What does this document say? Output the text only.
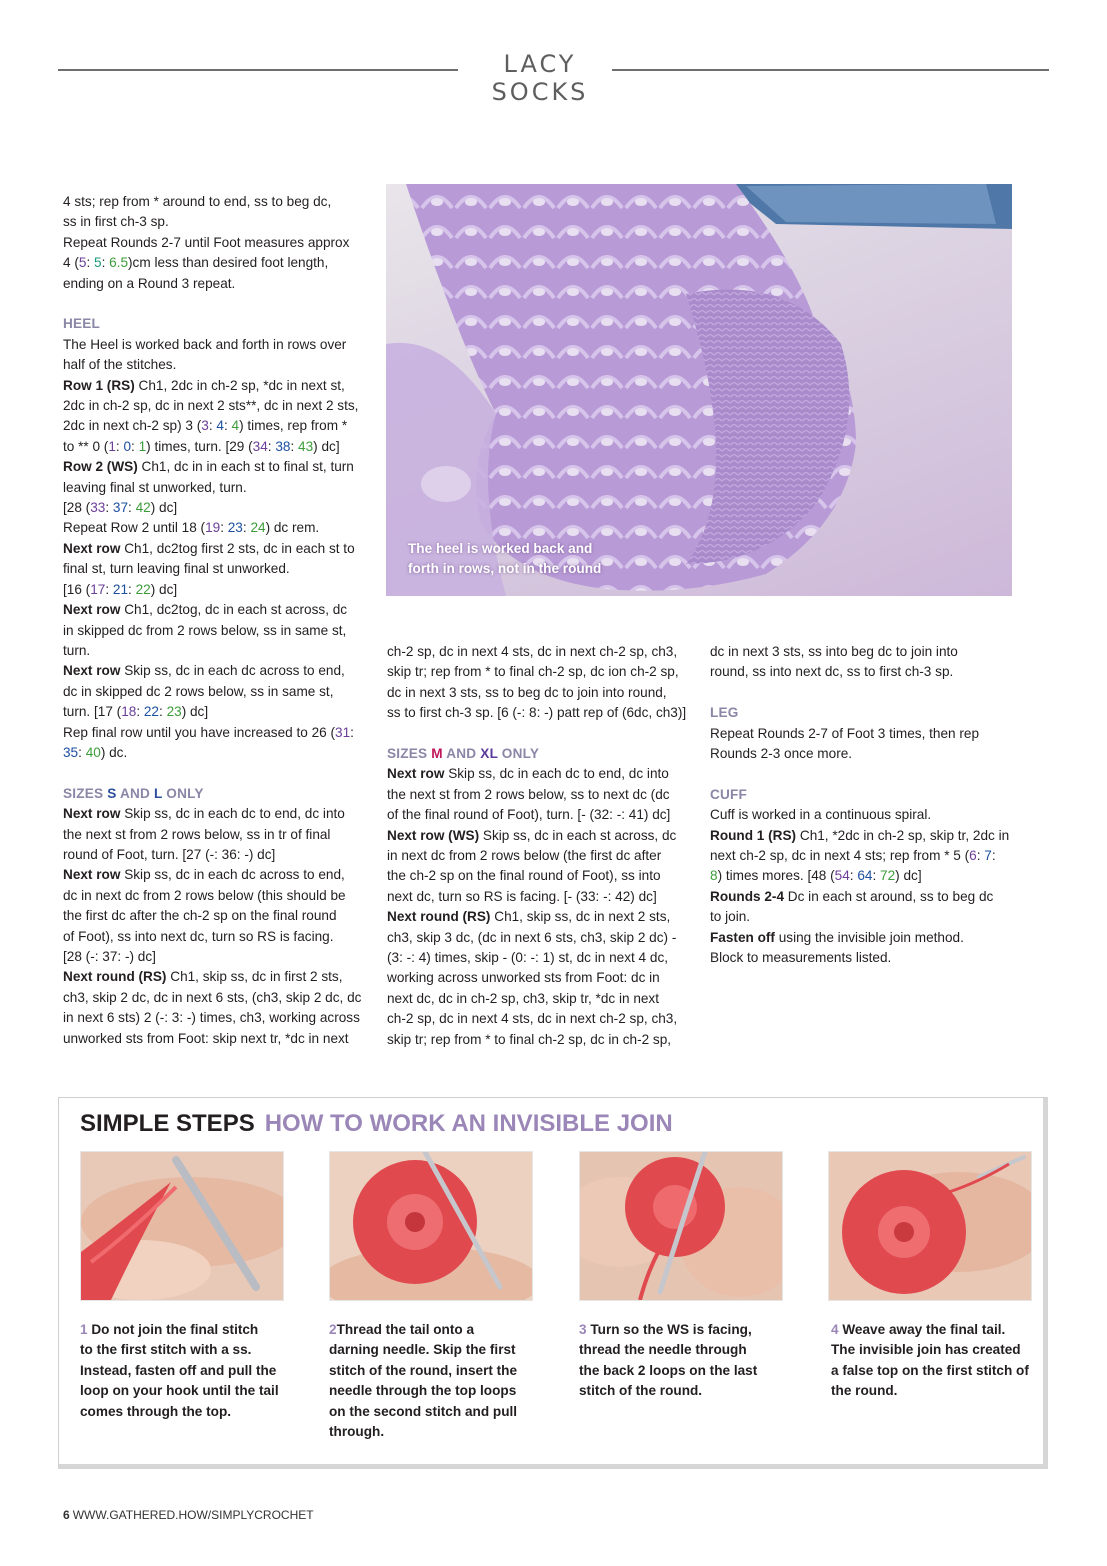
LACY SOCKS

4 sts; rep from * around to end, ss to beg dc,

ss in first ch-3 sp.

Repeat Rounds 2-7 until Foot measures approx

4 (5: 5: 6.5)cm less than desired foot length,

ending on a Round 3 repeat.

HEEL

The Heel is worked back and forth in rows over

half of the stitches.

Row 1 (RS) Ch1, 2dc in ch-2 sp, *dc in next st,

2dc in ch-2 sp, dc in next 2 sts**, dc in next 2 sts,

2dc in next ch-2 sp) 3 (3: 4: 4) times, rep from *

to ** 0 (1: 0: 1) times, turn. [29 (34: 38: 43) dc]

Row 2 (WS) Ch1, dc in in each st to final st, turn

leaving final st unworked, turn.

[28 (33: 37: 42) dc]

Repeat Row 2 until 18 (19: 23: 24) dc rem.

Next row Ch1, dc2tog first 2 sts, dc in each st to

final st, turn leaving final st unworked.

[16 (17: 21: 22) dc]

Next row Ch1, dc2tog, dc in each st across, dc

in skipped dc from 2 rows below, ss in same st,

turn.

Next row Skip ss, dc in each dc across to end,

dc in skipped dc 2 rows below, ss in same st,

turn. [17 (18: 22: 23) dc]

Rep final row until you have increased to 26 (31:

35: 40) dc.

SIZES S AND L ONLY

Next row Skip ss, dc in each dc to end, dc into

the next st from 2 rows below, ss in tr of final

round of Foot, turn. [27 (-: 36: -) dc]

Next row Skip ss, dc in each dc across to end,

dc in next dc from 2 rows below (this should be

the first dc after the ch-2 sp on the final round

of Foot), ss into next dc, turn so RS is facing.

[28 (-: 37: -) dc]

Next round (RS) Ch1, skip ss, dc in first 2 sts,

ch3, skip 2 dc, dc in next 6 sts, (ch3, skip 2 dc, dc

in next 6 sts) 2 (-: 3: -) times, ch3, working across

unworked sts from Foot: skip next tr, *dc in next

The heel is worked back and
forth in rows, not in the round

ch-2 sp, dc in next 4 sts, dc in next ch-2 sp, ch3,

skip tr; rep from * to final ch-2 sp, dc ion ch-2 sp,

dc in next 3 sts, ss to beg dc to join into round,

ss to first ch-3 sp. [6 (-: 8: -) patt rep of (6dc, ch3)]

SIZES M AND XL ONLY

Next row Skip ss, dc in each dc to end, dc into

the next st from 2 rows below, ss to next dc (dc

of the final round of Foot), turn. [- (32: -: 41) dc]

Next row (WS) Skip ss, dc in each st across, dc

in next dc from 2 rows below (the first dc after

the ch-2 sp on the final round of Foot), ss into

next dc, turn so RS is facing. [- (33: -: 42) dc]

Next round (RS) Ch1, skip ss, dc in next 2 sts,

ch3, skip 3 dc, (dc in next 6 sts, ch3, skip 2 dc) -

(3: -: 4) times, skip - (0: -: 1) st, dc in next 4 dc,

working across unworked sts from Foot: dc in

next dc, dc in ch-2 sp, ch3, skip tr, *dc in next

ch-2 sp, dc in next 4 sts, dc in next ch-2 sp, ch3,

skip tr; rep from * to final ch-2 sp, dc in ch-2 sp,

dc in next 3 sts, ss into beg dc to join into

round, ss into next dc, ss to first ch-3 sp.

LEG

Repeat Rounds 2-7 of Foot 3 times, then rep

Rounds 2-3 once more.

CUFF

Cuff is worked in a continuous spiral.

Round 1 (RS) Ch1, *2dc in ch-2 sp, skip tr, 2dc in

next ch-2 sp, dc in next 4 sts; rep from * 5 (6: 7:

8) times mores. [48 (54: 64: 72) dc]

Rounds 2-4 Dc in each st around, ss to beg dc

to join.

Fasten off using the invisible join method.

Block to measurements listed.

SIMPLE STEPS HOW TO WORK AN INVISIBLE JOIN
1 Do not join the final stitch
to the first stitch with a ss.
Instead, fasten off and pull the
loop on your hook until the tail
comes through the top.
2Thread the tail onto a
darning needle. Skip the first
stitch of the round, insert the
needle through the top loops
on the second stitch and pull
through.
3 Turn so the WS is facing,
thread the needle through
the back 2 loops on the last
stitch of the round.
4 Weave away the final tail.
The invisible join has created
a false top on the first stitch of
the round.
6 WWW.GATHERED.HOW/SIMPLYCROCHET
